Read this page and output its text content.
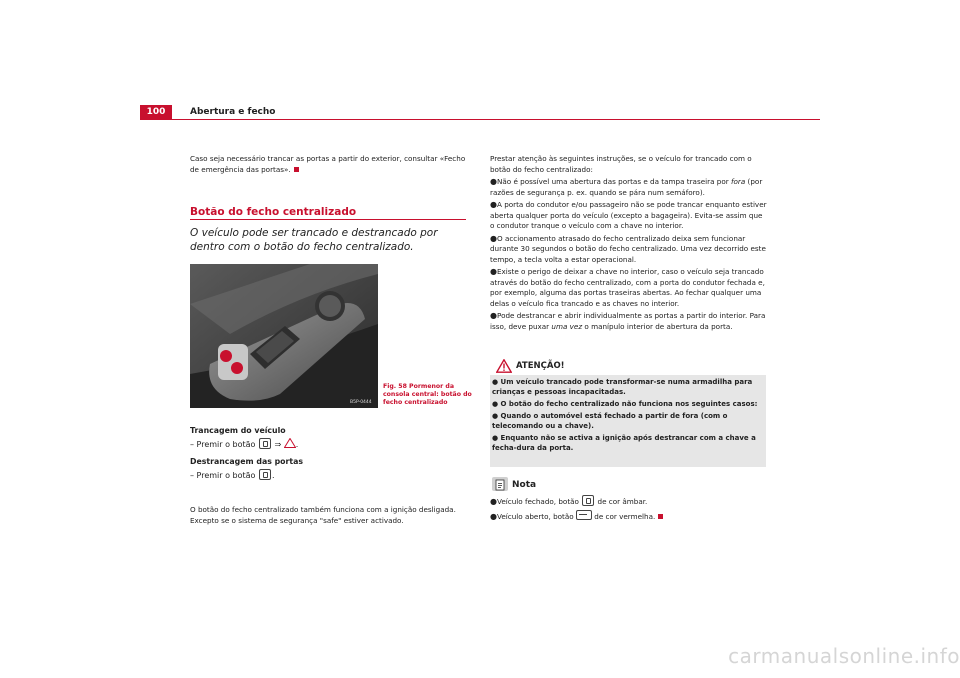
100	Abertura e fecho

Caso seja necessário trancar as portas a partir do exterior, consultar «Fecho de emergência das portas».

Botão do fecho centralizado
O veículo pode ser trancado e destrancado por dentro com o botão do fecho centralizado.
B5P-0444
Fig. 58 Pormenor da consola central: botão do fecho centralizado
Trancagem do veículo

– Premir o botão ⇒ .

Destrancagem das portas

– Premir o botão .

O botão do fecho centralizado também funciona com a ignição desligada. Excepto se o sistema de segurança "safe" estiver activado.

Prestar atenção às seguintes instruções, se o veículo for trancado com o botão do fecho centralizado:

●Não é possível uma abertura das portas e da tampa traseira por fora (por razões de segurança p. ex. quando se pára num semáforo).

●A porta do condutor e/ou passageiro não se pode trancar enquanto estiver aberta qualquer porta do veículo (excepto a bagageira). Evita-se assim que o condutor tranque o veículo com a chave no interior.

●O accionamento atrasado do fecho centralizado deixa sem funcionar durante 30 segundos o botão do fecho centralizado. Uma vez decorrido este tempo, a tecla volta a estar operacional.

●Existe o perigo de deixar a chave no interior, caso o veículo seja trancado através do botão do fecho centralizado, com a porta do condutor fechada e, por exemplo, alguma das portas traseiras abertas. Ao fechar qualquer uma delas o veículo fica trancado e as chaves no interior.

●Pode destrancar e abrir individualmente as portas a partir do interior. Para isso, deve puxar uma vez o manípulo interior de abertura da porta.

ATENÇÃO!

● Um veículo trancado pode transformar-se numa armadilha para crianças e pessoas incapacitadas.

● O botão do fecho centralizado não funciona nos seguintes casos:

● Quando o automóvel está fechado a partir de fora (com o telecomando ou a chave).

● Enquanto não se activa a ignição após destrancar com a chave a fecha-dura da porta.

Nota

●Veículo fechado, botão	de cor âmbar.

●Veículo aberto, botão	de cor vermelha.

carmanualsonline.info
